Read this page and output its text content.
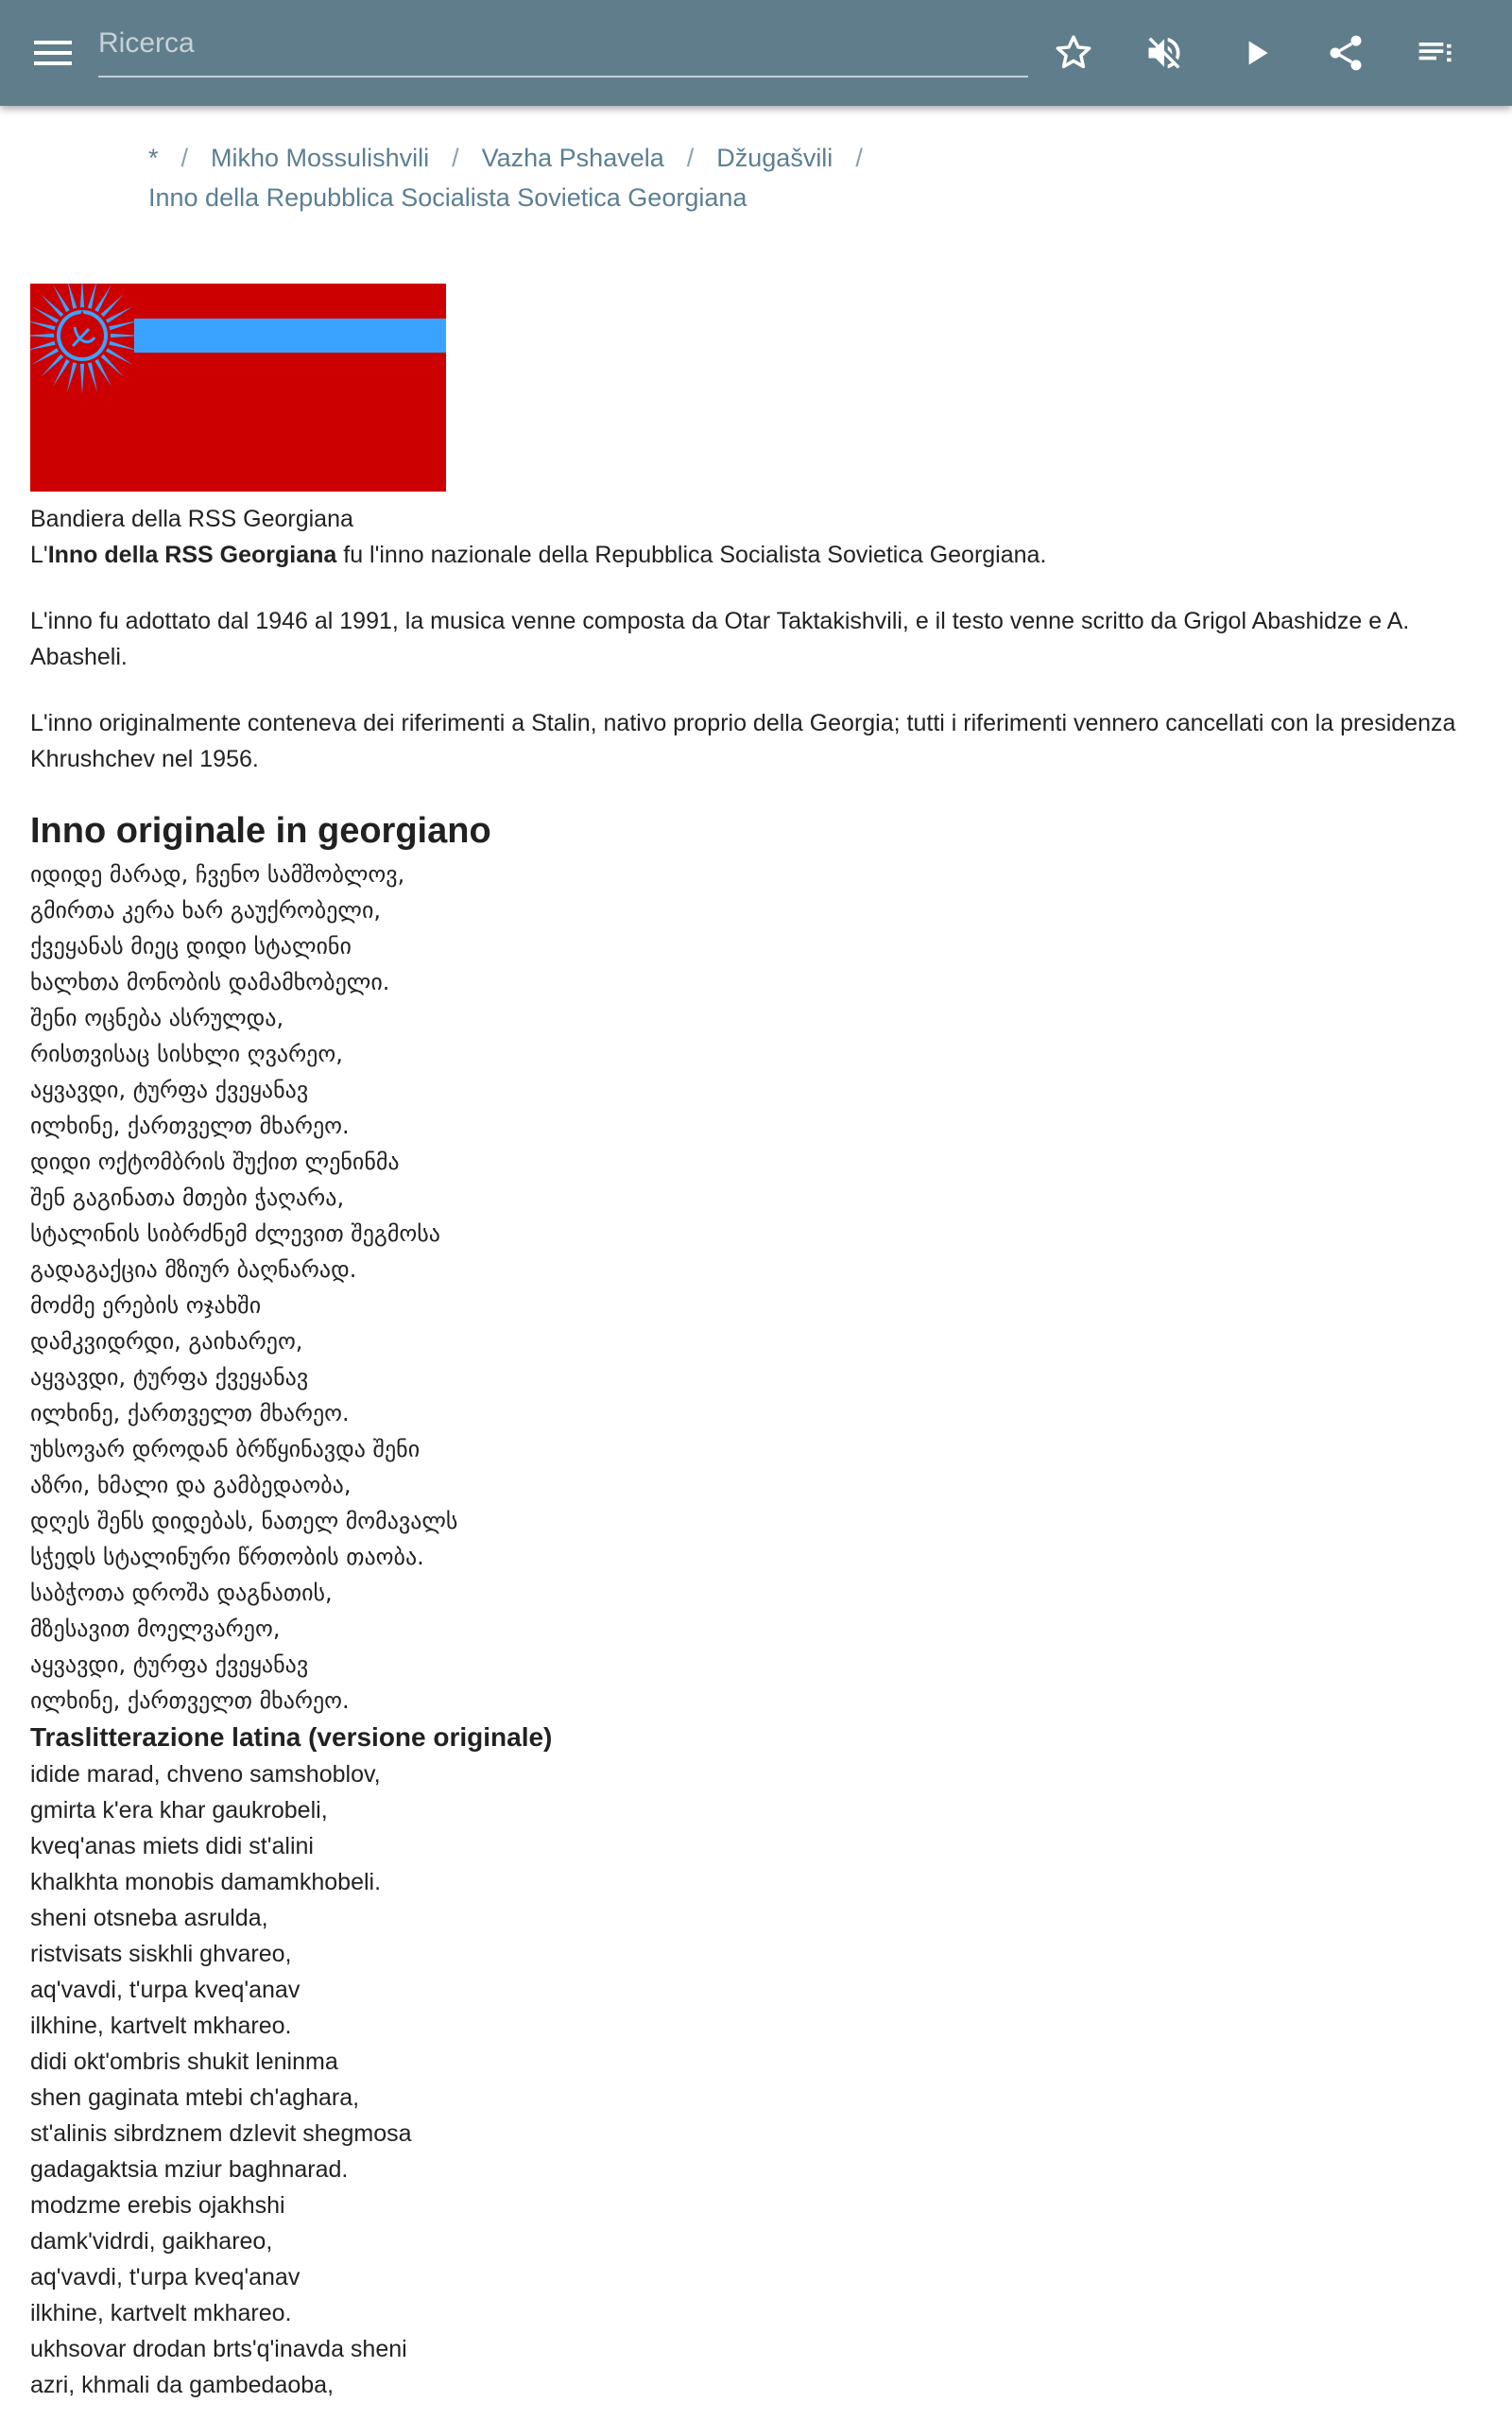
Ricerca
* / Mikho Mossulishvili / Vazha Pshavela / Džugašvili /
Inno della Repubblica Socialista Sovietica Georgiana
Bandiera della RSS Georgiana

L'Inno della RSS Georgiana fu l'inno nazionale della Repubblica Socialista Sovietica Georgiana.

L'inno fu adottato dal 1946 al 1991, la musica venne composta da Otar Taktakishvili, e il testo venne scritto da Grigol Abashidze e A. Abasheli.

L'inno originalmente conteneva dei riferimenti a Stalin, nativo proprio della Georgia; tutti i riferimenti vennero cancellati con la presidenza Khrushchev nel 1956.

Inno originale in georgiano
იდიდე მარად, ჩვენო სამშობლოვ,
გმირთა კერა ხარ გაუქრობელი,
ქვეყანას მიეც დიდი სტალინი
ხალხთა მონობის დამამხობელი.
შენი ოცნება ასრულდა,
რისთვისაც სისხლი ღვარეო,
აყვავდი, ტურფა ქვეყანავ
ილხინე, ქართველთ მხარეო.
დიდი ოქტომბრის შუქით ლენინმა
შენ გაგინათა მთები ჭაღარა,
სტალინის სიბრძნემ ძლევით შეგმოსა
გადაგაქცია მზიურ ბაღნარად.
მოძმე ერების ოჯახში
დამკვიდრდი, გაიხარეო,
აყვავდი, ტურფა ქვეყანავ
ილხინე, ქართველთ მხარეო.
უხსოვარ დროდან ბრწყინავდა შენი
აზრი, ხმალი და გამბედაობა,
დღეს შენს დიდებას, ნათელ მომავალს
სჭედს სტალინური წრთობის თაობა.
საბჭოთა დროშა დაგნათის,
მზესავით მოელვარეო,
აყვავდი, ტურფა ქვეყანავ
ილხინე, ქართველთ მხარეო.
Traslitterazione latina (versione originale)
idide marad, chveno samshoblov,
gmirta k'era khar gaukrobeli,
kveq'anas miets didi st'alini
khalkhta monobis damamkhobeli.
sheni otsneba asrulda,
ristvisats siskhli ghvareo,
aq'vavdi, t'urpa kveq'anav
ilkhine, kartvelt mkhareo.
didi okt'ombris shukit leninma
shen gaginata mtebi ch'aghara,
st'alinis sibrdznem dzlevit shegmosa
gadagaktsia mziur baghnarad.
modzme erebis ojakhshi
damk'vidrdi, gaikhareo,
aq'vavdi, t'urpa kveq'anav
ilkhine, kartvelt mkhareo.
ukhsovar drodan brts'q'inavda sheni
azri, khmali da gambedaoba,
